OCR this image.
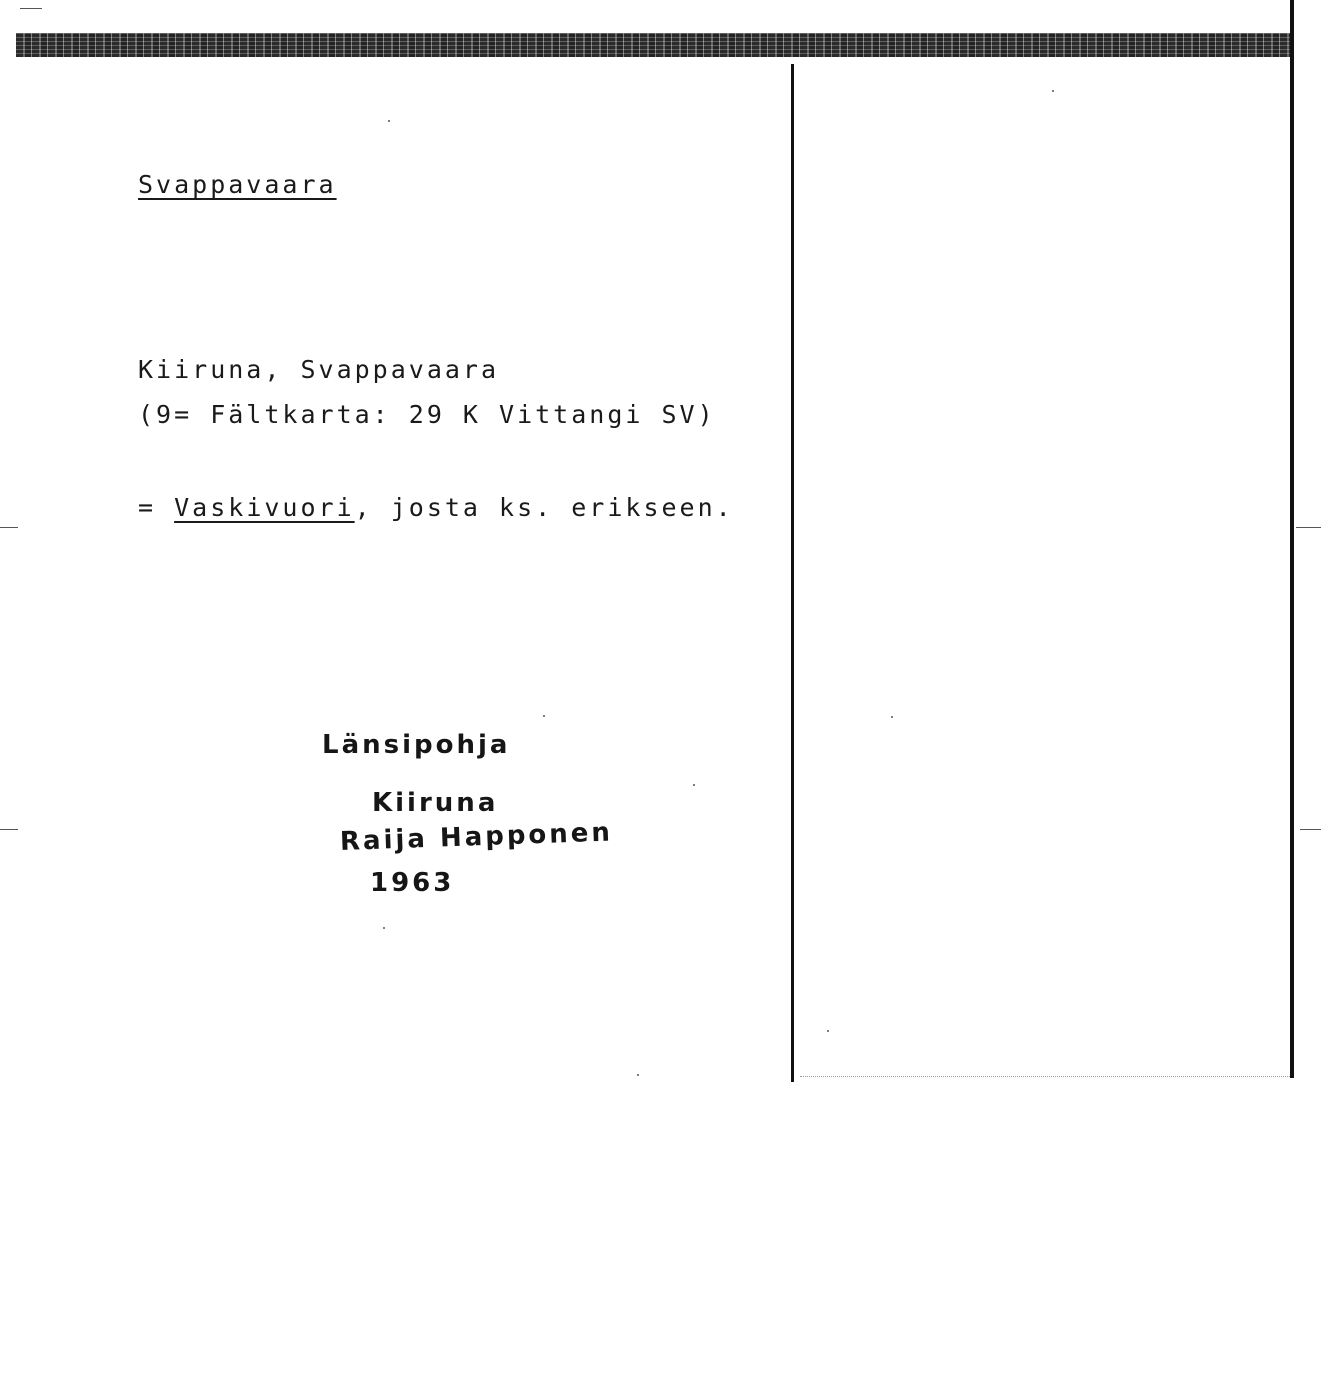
Svappavaara
Kiiruna, Svappavaara
(9= Fältkarta: 29 K Vittangi SV)
= Vaskivuori, josta ks. erikseen.
Länsipohja
Kiiruna
Raija Happonen
1963
